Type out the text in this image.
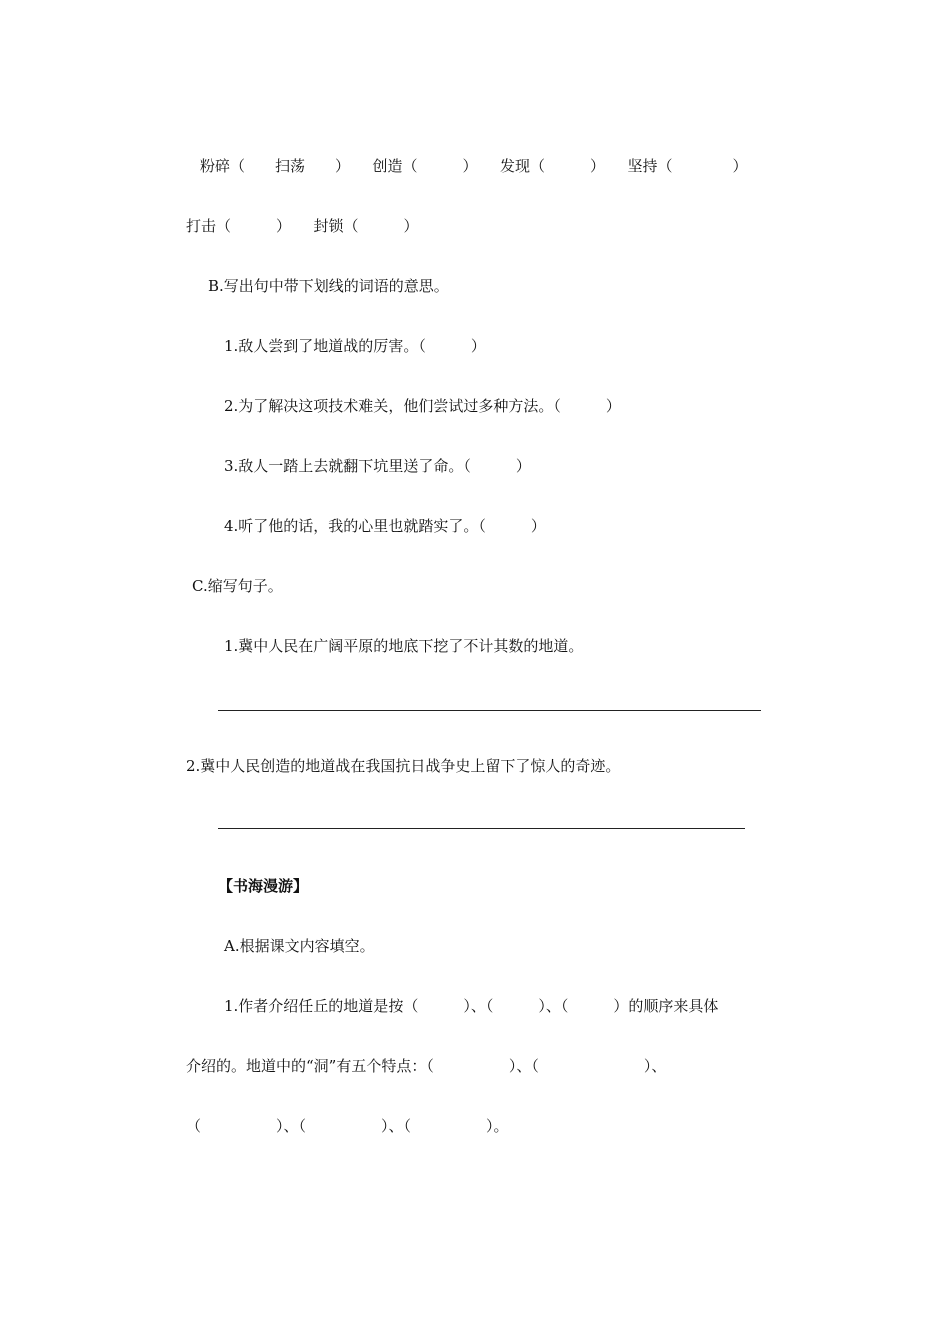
粉碎（　　扫荡　　）　　创造（　　　）　　发现（　　　）　　坚持（　　　　）
打击（　　　）　　封锁（　　　）
B.写出句中带下划线的词语的意思。
1.敌人尝到了地道战的厉害。（　　　）
2.为了解决这项技术难关，他们尝试过多种方法。（　　　）
3.敌人一踏上去就翻下坑里送了命。（　　　）
4.听了他的话，我的心里也就踏实了。（　　　）
C.缩写句子。
1.冀中人民在广阔平原的地底下挖了不计其数的地道。
2.冀中人民创造的地道战在我国抗日战争史上留下了惊人的奇迹。
【书海漫游】
A.根据课文内容填空。
1.作者介绍任丘的地道是按（　　　）、（　　　）、（　　　）的顺序来具体
介绍的。地道中的“洞”有五个特点：（　　　　　）、（　　　　　　　）、
（　　　　　）、（　　　　　）、（　　　　　）。
